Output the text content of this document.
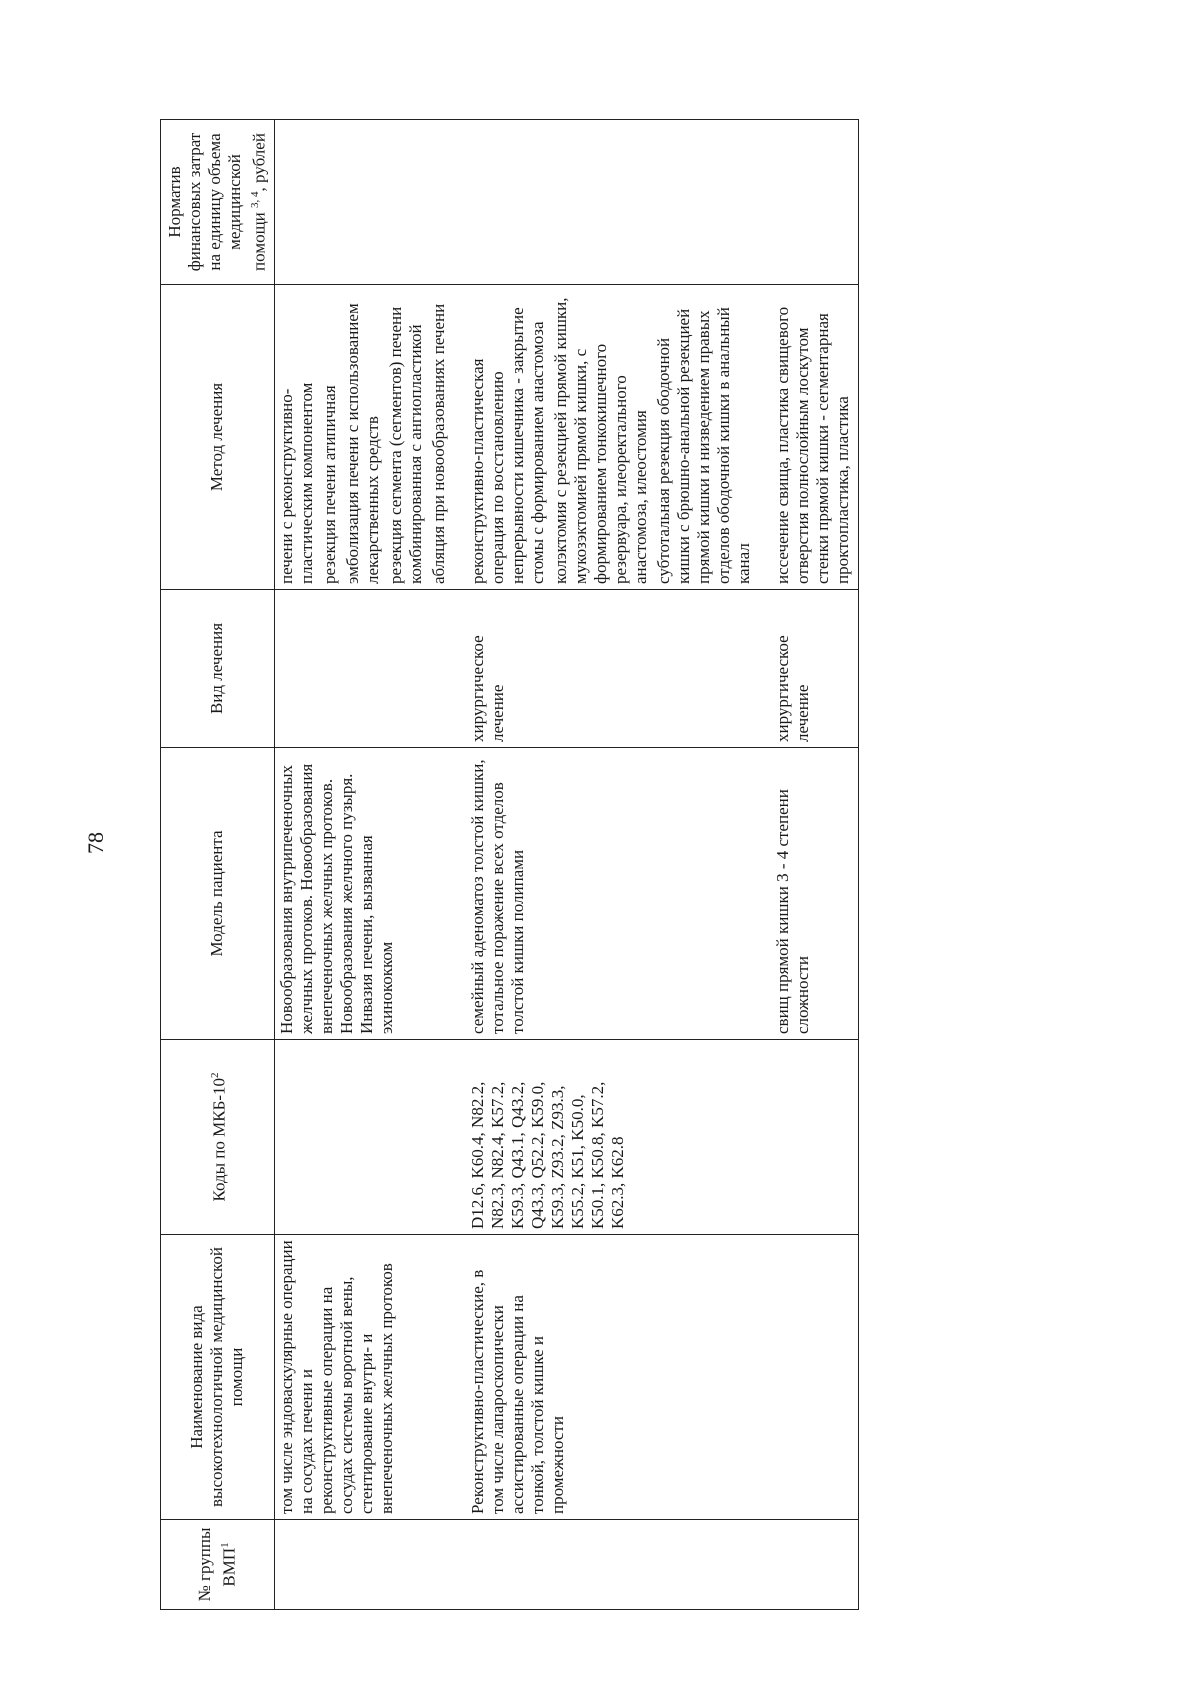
78
№ группы ВМП$^1$	Наименование вида высокотехнологичной медицинской помощи	Коды по МКБ-$10^2$	Модель пациента	Вид лечения	Метод лечения	Норматив финансовых затрат на единицу объема медицинской помощи $^{3, 4}$, рублей
	том числе эндоваскулярные операции на сосудах печени и реконструктивные операции на сосудах системы воротной вены, стентирование внутри- и внепеченочных желчных протоков		Новообразования внутрипеченочных желчных протоков. Новообразования внепеченочных желчных протоков. Новообразования желчного пузыря. Инвазия печени, вызванная эхинококком		печени с реконструктивно-пластическим компонентом резекция печени атипичная эмболизация печени с использованием лекарственных средств резекция сегмента (сегментов) печени комбинированная с ангиопластикой абляция при новообразованиях печени	

	Реконструктивно-пластические, в том числе лапароскопически ассистированные операции на тонкой, толстой кишке и промежности	D12.6, K60.4, N82.2, N82.3, N82.4, K57.2, K59.3, Q43.1, Q43.2, Q43.3, Q52.2, K59.0, K59.3, Z93.2, Z93.3, K55.2, K51, K50.0, K50.1, K50.8, K57.2, K62.3, K62.8	семейный аденоматоз толстой кишки, тотальное поражение всех отделов толстой кишки полипами	хирургическое лечение	реконструктивно-пластическая операция по восстановлению непрерывности кишечника - закрытие стомы с формированием анастомоза колэктомия с резекцией прямой кишки, мукозэктомией прямой кишки, с формированием тонкокишечного резервуара, илеоректального анастомоза, илеостомия субтотальная резекция ободочной кишки с брюшно-анальной резекцией прямой кишки и низведением правых отделов ободочной кишки в анальный канал	

			свищ прямой кишки 3 - 4 степени сложности	хирургическое лечение	иссечение свища, пластика свищевого отверстия полнослойным лоскутом стенки прямой кишки - сегментарная проктопластика, пластика	
